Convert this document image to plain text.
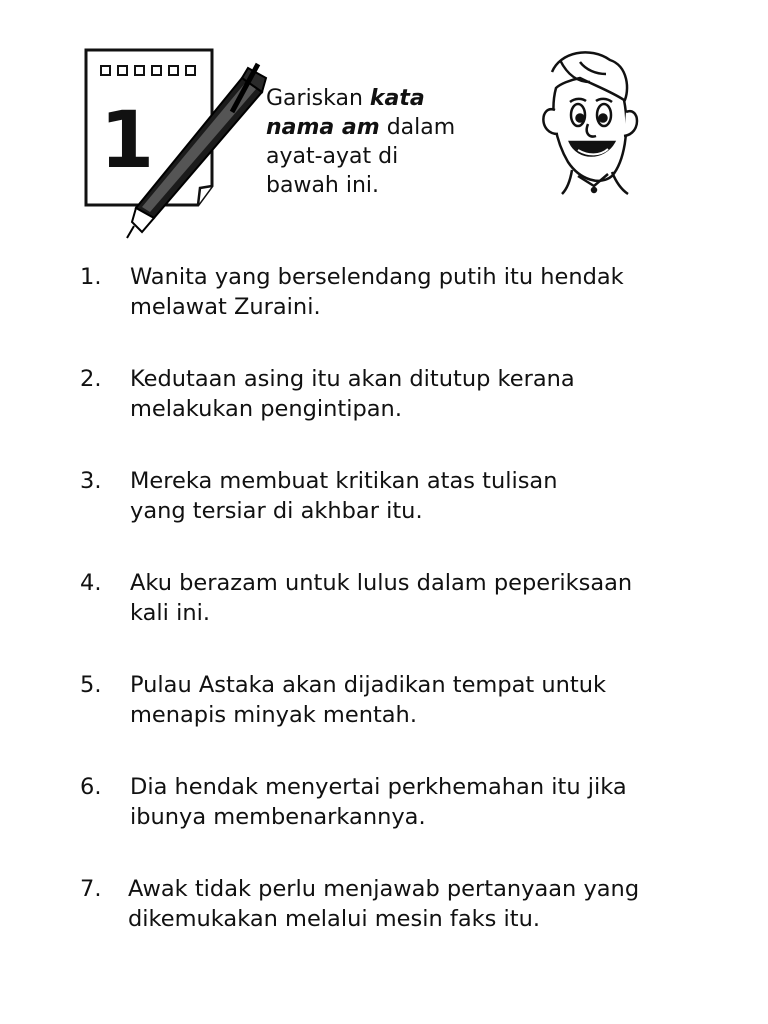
1	Gariskan kata
nama am dalam
ayat-ayat di
bawah ini.
1. Wanita yang berselendang putih itu hendak
melawat Zuraini.
2. Kedutaan asing itu akan ditutup kerana
melakukan pengintipan.
3. Mereka membuat kritikan atas tulisan
yang tersiar di akhbar itu.
4. Aku berazam untuk lulus dalam peperiksaan
kali ini.
5. Pulau Astaka akan dijadikan tempat untuk
menapis minyak mentah.
6. Dia hendak menyertai perkhemahan itu jika
ibunya membenarkannya.
7. Awak tidak perlu menjawab pertanyaan yang
dikemukakan melalui mesin faks itu.
